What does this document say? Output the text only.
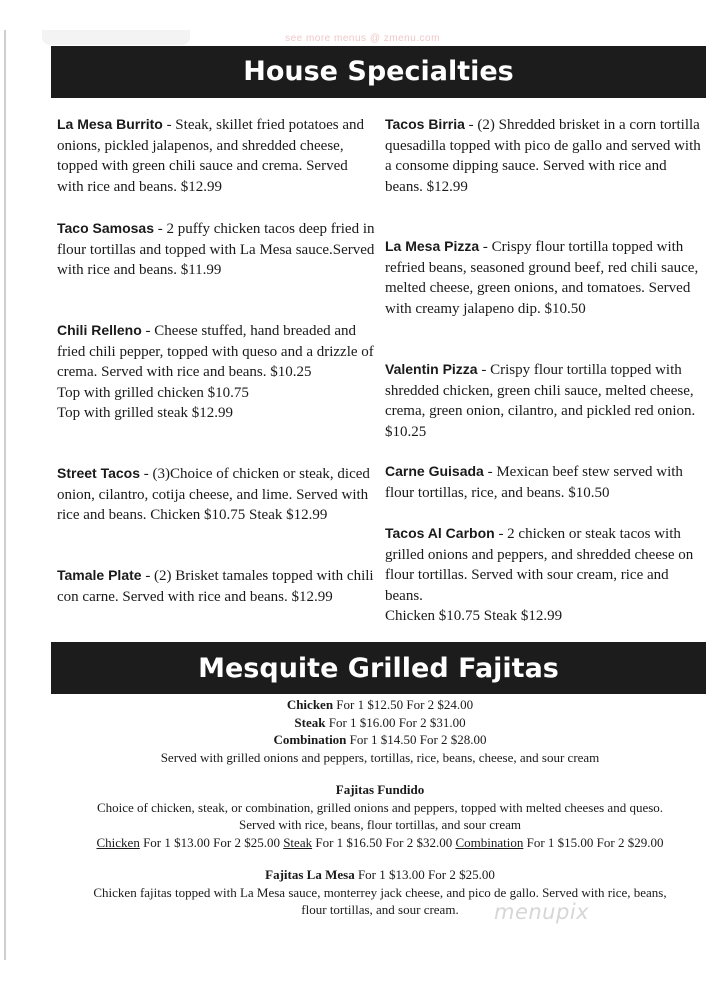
see more menus @ zmenu.com
House Specialties
La Mesa Burrito - Steak, skillet fried potatoes and onions, pickled jalapenos, and shredded cheese, topped with green chili sauce and crema. Served with rice and beans. $12.99
Taco Samosas - 2 puffy chicken tacos deep fried in flour tortillas and topped with La Mesa sauce.Served with rice and beans. $11.99
Chili Relleno - Cheese stuffed, hand breaded and fried chili pepper, topped with queso and a drizzle of crema. Served with rice and beans. $10.25
Top with grilled chicken $10.75
Top with grilled steak $12.99
Street Tacos - (3)Choice of chicken or steak, diced onion, cilantro, cotija cheese, and lime. Served with rice and beans. Chicken $10.75 Steak $12.99
Tamale Plate - (2) Brisket tamales topped with chili con carne. Served with rice and beans. $12.99
Tacos Birria - (2) Shredded brisket in a corn tortilla quesadilla topped with pico de gallo and served with a consome dipping sauce. Served with rice and beans. $12.99
La Mesa Pizza - Crispy flour tortilla topped with refried beans, seasoned ground beef, red chili sauce, melted cheese, green onions, and tomatoes. Served with creamy jalapeno dip. $10.50
Valentin Pizza - Crispy flour tortilla topped with shredded chicken, green chili sauce, melted cheese, crema, green onion, cilantro, and pickled red onion. $10.25
Carne Guisada - Mexican beef stew served with flour tortillas, rice, and beans. $10.50
Tacos Al Carbon - 2 chicken or steak tacos with grilled onions and peppers, and shredded cheese on flour tortillas. Served with sour cream, rice and beans.
Chicken $10.75 Steak $12.99
Mesquite Grilled Fajitas

Chicken For 1 $12.50 For 2 $24.00

Steak For 1 $16.00 For 2 $31.00

Combination For 1 $14.50 For 2 $28.00

Served with grilled onions and peppers, tortillas, rice, beans, cheese, and sour cream

Fajitas Fundido

Choice of chicken, steak, or combination, grilled onions and peppers, topped with melted cheeses and queso.

Served with rice, beans, flour tortillas, and sour cream

Chicken For 1 $13.00 For 2 $25.00 Steak For 1 $16.50 For 2 $32.00 Combination For 1 $15.00 For 2 $29.00

Fajitas La Mesa For 1 $13.00 For 2 $25.00

Chicken fajitas topped with La Mesa sauce, monterrey jack cheese, and pico de gallo. Served with rice, beans,

flour tortillas, and sour cream.	menupix
